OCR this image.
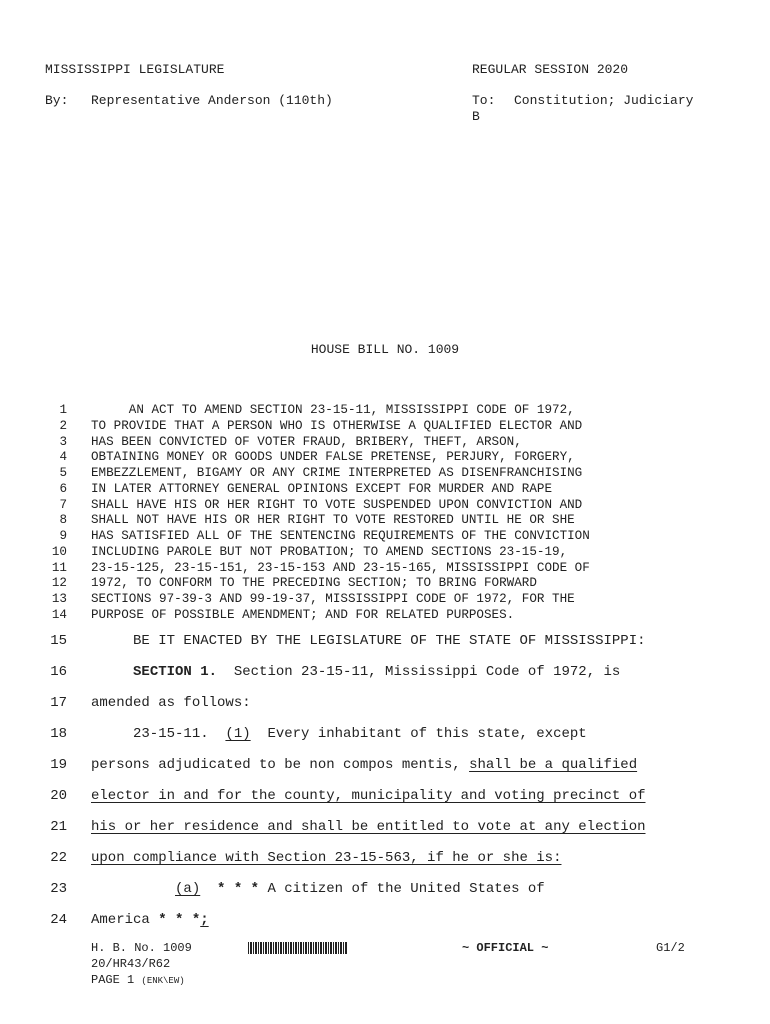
MISSISSIPPI LEGISLATURE	REGULAR SESSION 2020
By: Representative Anderson (110th)	To: Constitution; Judiciary
B
HOUSE BILL NO. 1009
1 AN ACT TO AMEND SECTION 23-15-11, MISSISSIPPI CODE OF 1972,
2 TO PROVIDE THAT A PERSON WHO IS OTHERWISE A QUALIFIED ELECTOR AND
3 HAS BEEN CONVICTED OF VOTER FRAUD, BRIBERY, THEFT, ARSON,
4 OBTAINING MONEY OR GOODS UNDER FALSE PRETENSE, PERJURY, FORGERY,
5 EMBEZZLEMENT, BIGAMY OR ANY CRIME INTERPRETED AS DISENFRANCHISING
6 IN LATER ATTORNEY GENERAL OPINIONS EXCEPT FOR MURDER AND RAPE
7 SHALL HAVE HIS OR HER RIGHT TO VOTE SUSPENDED UPON CONVICTION AND
8 SHALL NOT HAVE HIS OR HER RIGHT TO VOTE RESTORED UNTIL HE OR SHE
9 HAS SATISFIED ALL OF THE SENTENCING REQUIREMENTS OF THE CONVICTION
10 INCLUDING PAROLE BUT NOT PROBATION; TO AMEND SECTIONS 23-15-19,
11 23-15-125, 23-15-151, 23-15-153 AND 23-15-165, MISSISSIPPI CODE OF
12 1972, TO CONFORM TO THE PRECEDING SECTION; TO BRING FORWARD
13 SECTIONS 97-39-3 AND 99-19-37, MISSISSIPPI CODE OF 1972, FOR THE
14 PURPOSE OF POSSIBLE AMENDMENT; AND FOR RELATED PURPOSES.
15 BE IT ENACTED BY THE LEGISLATURE OF THE STATE OF MISSISSIPPI:
16	SECTION 1.  Section 23-15-11, Mississippi Code of 1972, is
17 amended as follows:
18 23-15-11.  (1)  Every inhabitant of this state, except
19 persons adjudicated to be non compos mentis, shall be a qualified
20 elector in and for the county, municipality and voting precinct of
21 his or her residence and shall be entitled to vote at any election
22 upon compliance with Section 23-15-563, if he or she is:
23	(a) * * * A citizen of the United States of
24 America * * *;
H. B. No. 1009	~ OFFICIAL ~	G1/2
20/HR43/R62
PAGE 1 (ENK\EW)
